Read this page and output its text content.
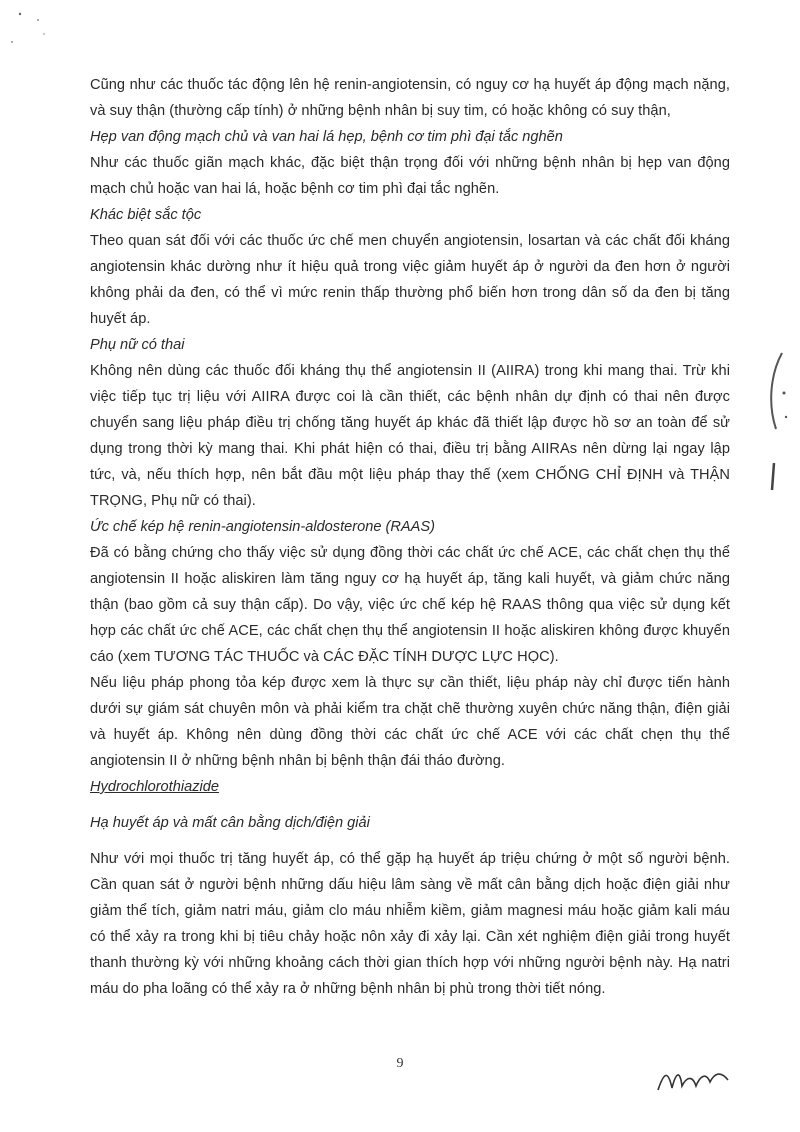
Cũng như các thuốc tác động lên hệ renin-angiotensin, có nguy cơ hạ huyết áp động mạch nặng, và suy thận (thường cấp tính) ở những bệnh nhân bị suy tim, có hoặc không có suy thận,

Hẹp van động mạch chủ và van hai lá hẹp, bệnh cơ tim phì đại tắc nghẽn

Như các thuốc giãn mạch khác, đặc biệt thận trọng đối với những bệnh nhân bị hẹp van động mạch chủ hoặc van hai lá, hoặc bệnh cơ tim phì đại tắc nghẽn.

Khác biệt sắc tộc

Theo quan sát đối với các thuốc ức chế men chuyển angiotensin, losartan và các chất đối kháng angiotensin khác dường như ít hiệu quả trong việc giảm huyết áp ở người da đen hơn ở người không phải da đen, có thể vì mức renin thấp thường phổ biến hơn trong dân số da đen bị tăng huyết áp.

Phụ nữ có thai

Không nên dùng các thuốc đối kháng thụ thể angiotensin II (AIIRA) trong khi mang thai. Trừ khi việc tiếp tục trị liệu với AIIRA được coi là cần thiết, các bệnh nhân dự định có thai nên được chuyển sang liệu pháp điều trị chống tăng huyết áp khác đã thiết lập được hồ sơ an toàn để sử dụng trong thời kỳ mang thai. Khi phát hiện có thai, điều trị bằng AIIRAs nên dừng lại ngay lập tức, và, nếu thích hợp, nên bắt đầu một liệu pháp thay thế (xem CHỐNG CHỈ ĐỊNH và THẬN TRỌNG, Phụ nữ có thai).

Ức chế kép hệ renin-angiotensin-aldosterone (RAAS)

Đã có bằng chứng cho thấy việc sử dụng đồng thời các chất ức chế ACE, các chất chẹn thụ thể angiotensin II hoặc aliskiren làm tăng nguy cơ hạ huyết áp, tăng kali huyết, và giảm chức năng thận (bao gồm cả suy thận cấp). Do vậy, việc ức chế kép hệ RAAS thông qua việc sử dụng kết hợp các chất ức chế ACE, các chất chẹn thụ thể angiotensin II hoặc aliskiren không được khuyến cáo (xem TƯƠNG TÁC THUỐC và CÁC ĐẶC TÍNH DƯỢC LỰC HỌC).

Nếu liệu pháp phong tỏa kép được xem là thực sự cần thiết, liệu pháp này chỉ được tiến hành dưới sự giám sát chuyên môn và phải kiểm tra chặt chẽ thường xuyên chức năng thận, điện giải và huyết áp. Không nên dùng đồng thời các chất ức chế ACE với các chất chẹn thụ thể angiotensin II ở những bệnh nhân bị bệnh thận đái tháo đường.

Hydrochlorothiazide

Hạ huyết áp và mất cân bằng dịch/điện giải

Như với mọi thuốc trị tăng huyết áp, có thể gặp hạ huyết áp triệu chứng ở một số người bệnh. Cần quan sát ở người bệnh những dấu hiệu lâm sàng về mất cân bằng dịch hoặc điện giải như giảm thể tích, giảm natri máu, giảm clo máu nhiễm kiềm, giảm magnesi máu hoặc giảm kali máu có thể xảy ra trong khi bị tiêu chảy hoặc nôn xảy đi xảy lại. Cần xét nghiệm điện giải trong huyết thanh thường kỳ với những khoảng cách thời gian thích hợp với những người bệnh này. Hạ natri máu do pha loãng có thể xảy ra ở những bệnh nhân bị phù trong thời tiết nóng.

9
